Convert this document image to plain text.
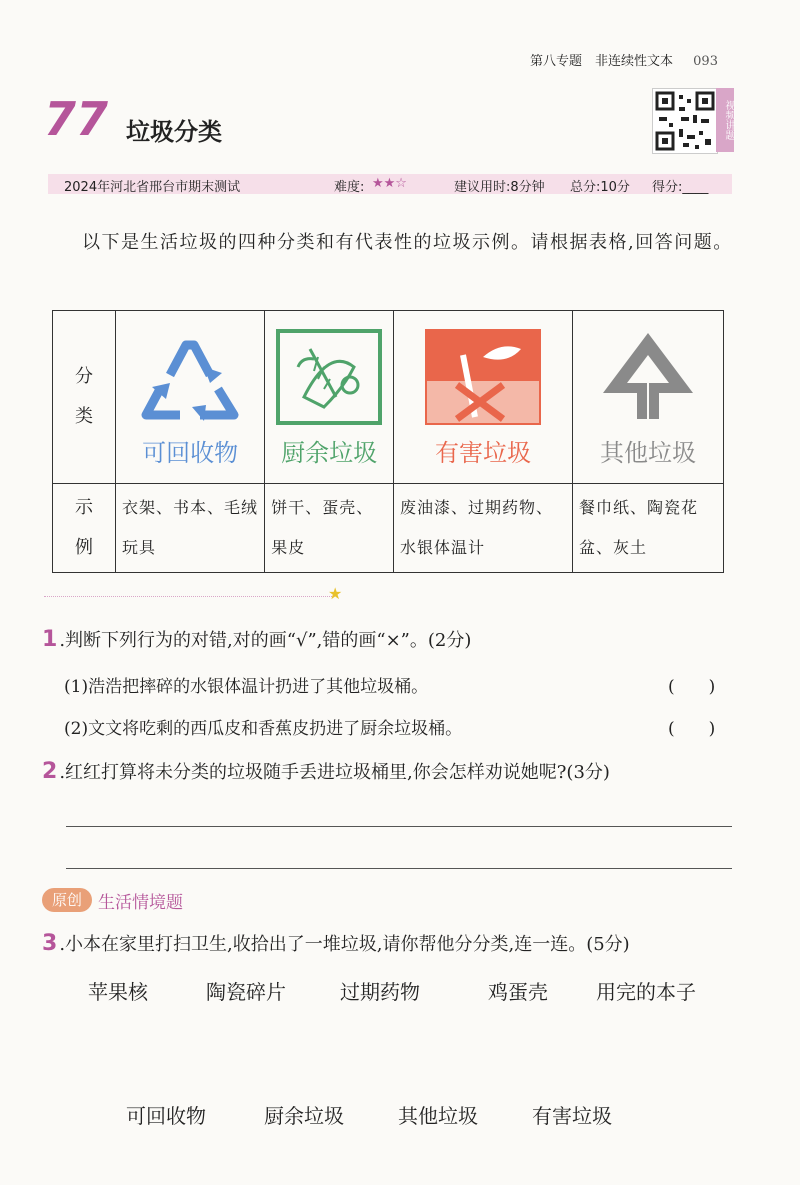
第八专题　非连续性文本 093
77 垃圾分类	视频讲题
2024年河北省邢台市期末测试	难度: ★★☆	建议用时:8分钟 总分:10分 得分:____

以下是生活垃圾的四种分类和有代表性的垃圾示例。请根据表格,回答问题。

分类	可回收物	厨余垃圾	有害垃圾	其他垃圾

示例	衣架、书本、毛绒玩具	饼干、蛋壳、果皮	废油漆、过期药物、水银体温计	餐巾纸、陶瓷花盆、灰土
★
1 .判断下列行为的对错,对的画“√”,错的画“×”。(2分)
(1)浩浩把摔碎的水银体温计扔进了其他垃圾桶。	(　　)
(2)文文将吃剩的西瓜皮和香蕉皮扔进了厨余垃圾桶。	(　　)
2 .红红打算将未分类的垃圾随手丢进垃圾桶里,你会怎样劝说她呢?(3分)
原创 生活情境题
3 .小本在家里打扫卫生,收拾出了一堆垃圾,请你帮他分分类,连一连。(5分)
苹果核	陶瓷碎片	过期药物	鸡蛋壳 用完的本子
可回收物	厨余垃圾	其他垃圾	有害垃圾
